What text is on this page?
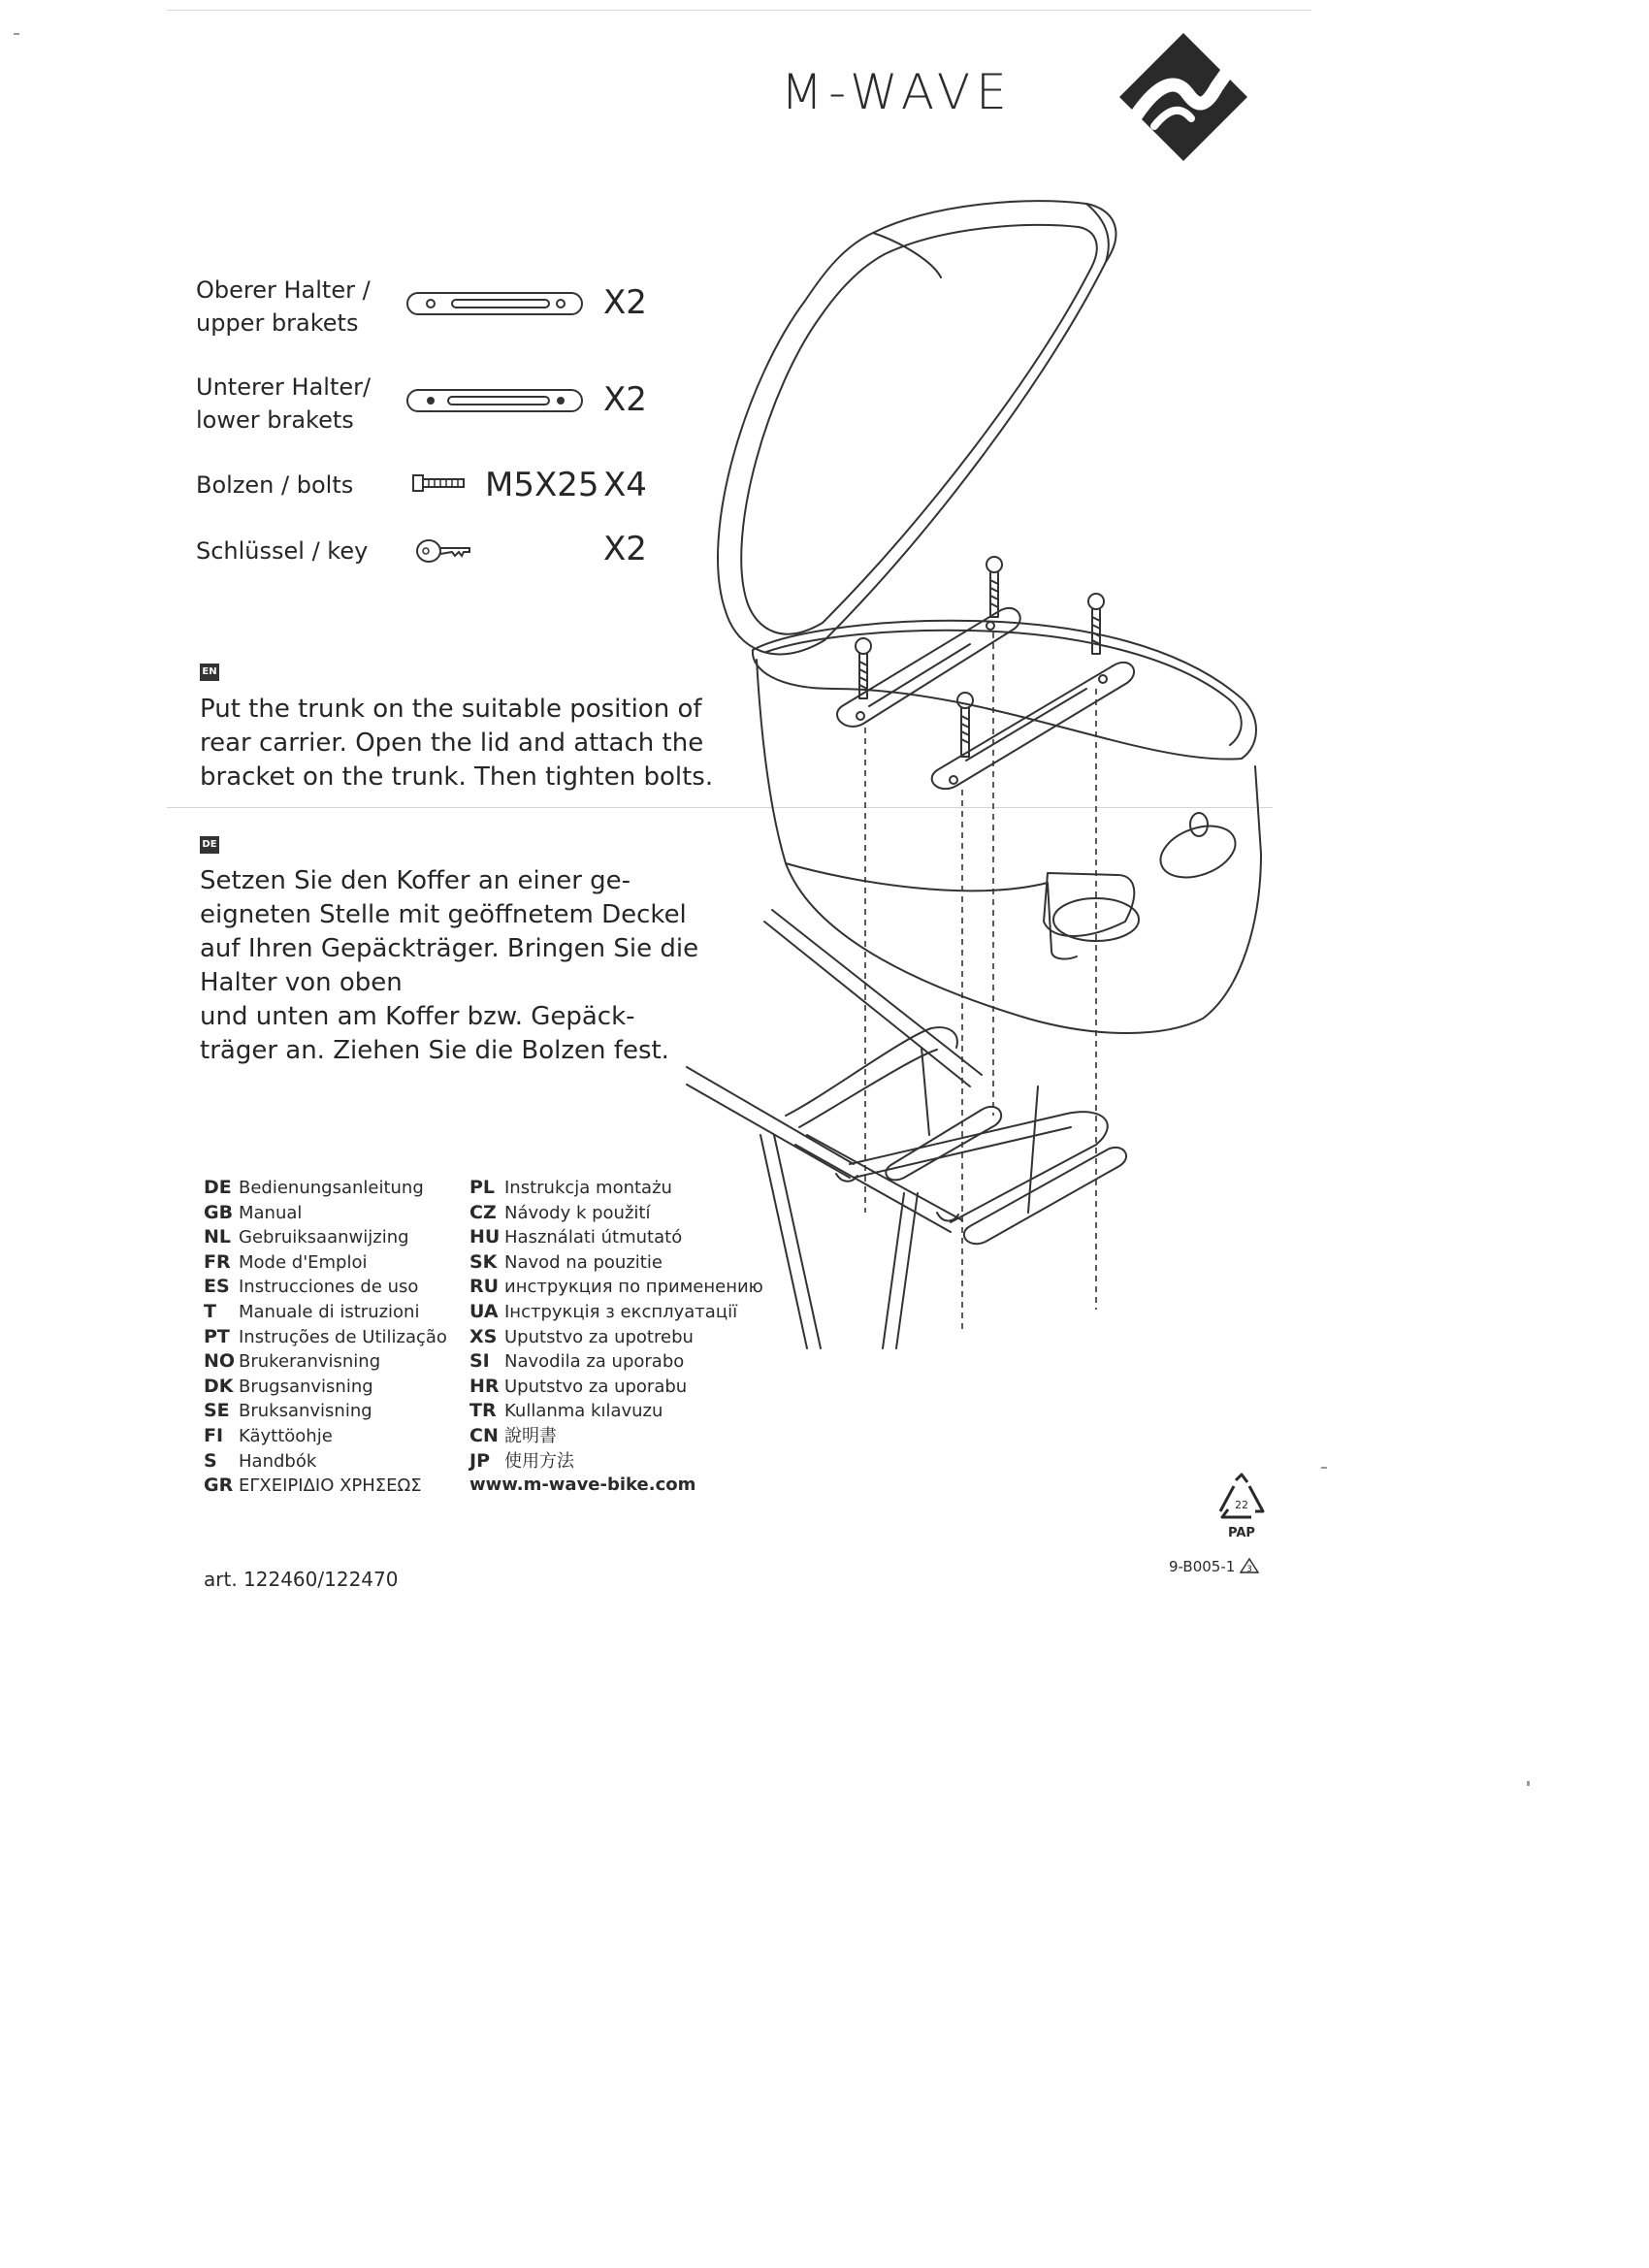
M-WAVE
Oberer Halter /
upper brakets
X2
Unterer Halter/
lower brakets
X2
Bolzen / bolts	M5X25 X4
Schlüssel / key	X2
EN
Put the trunk on the suitable position of
rear carrier. Open the lid and attach the
bracket on the trunk. Then tighten bolts.
DE
Setzen Sie den Koffer an einer ge-
eigneten Stelle mit geöffnetem Deckel
auf Ihren Gepäckträger. Bringen Sie die
Halter von oben
und unten am Koffer bzw. Gepäck-
träger an. Ziehen Sie die Bolzen fest.
DE Bedienungsanleitung
GB Manual
NL Gebruiksaanwijzing
FR Mode d'Emploi
ES Instrucciones de uso
T Manuale di istruzioni
PT Instruções de Utilização
NO Brukeranvisning
DK Brugsanvisning
SE Bruksanvisning
FI Käyttöohje
S Handbók
GR ΕΓΧΕΙΡΙΔΙΟ ΧΡΗΣΕΩΣ
PL Instrukcja montażu
CZ Návody k použití
HU Használati útmutató
SK Navod na pouzitie
RU инструкция по применению
UA Інструкція з експлуатації
XS Uputstvo za upotrebu
SI Navodila za uporabo
HR Uputstvo za uporabu
TR Kullanma kılavuzu
CN 說明書
JP 使用方法
www.m-wave-bike.com
art. 122460/122470
22
PAP
9-B005-1 3
